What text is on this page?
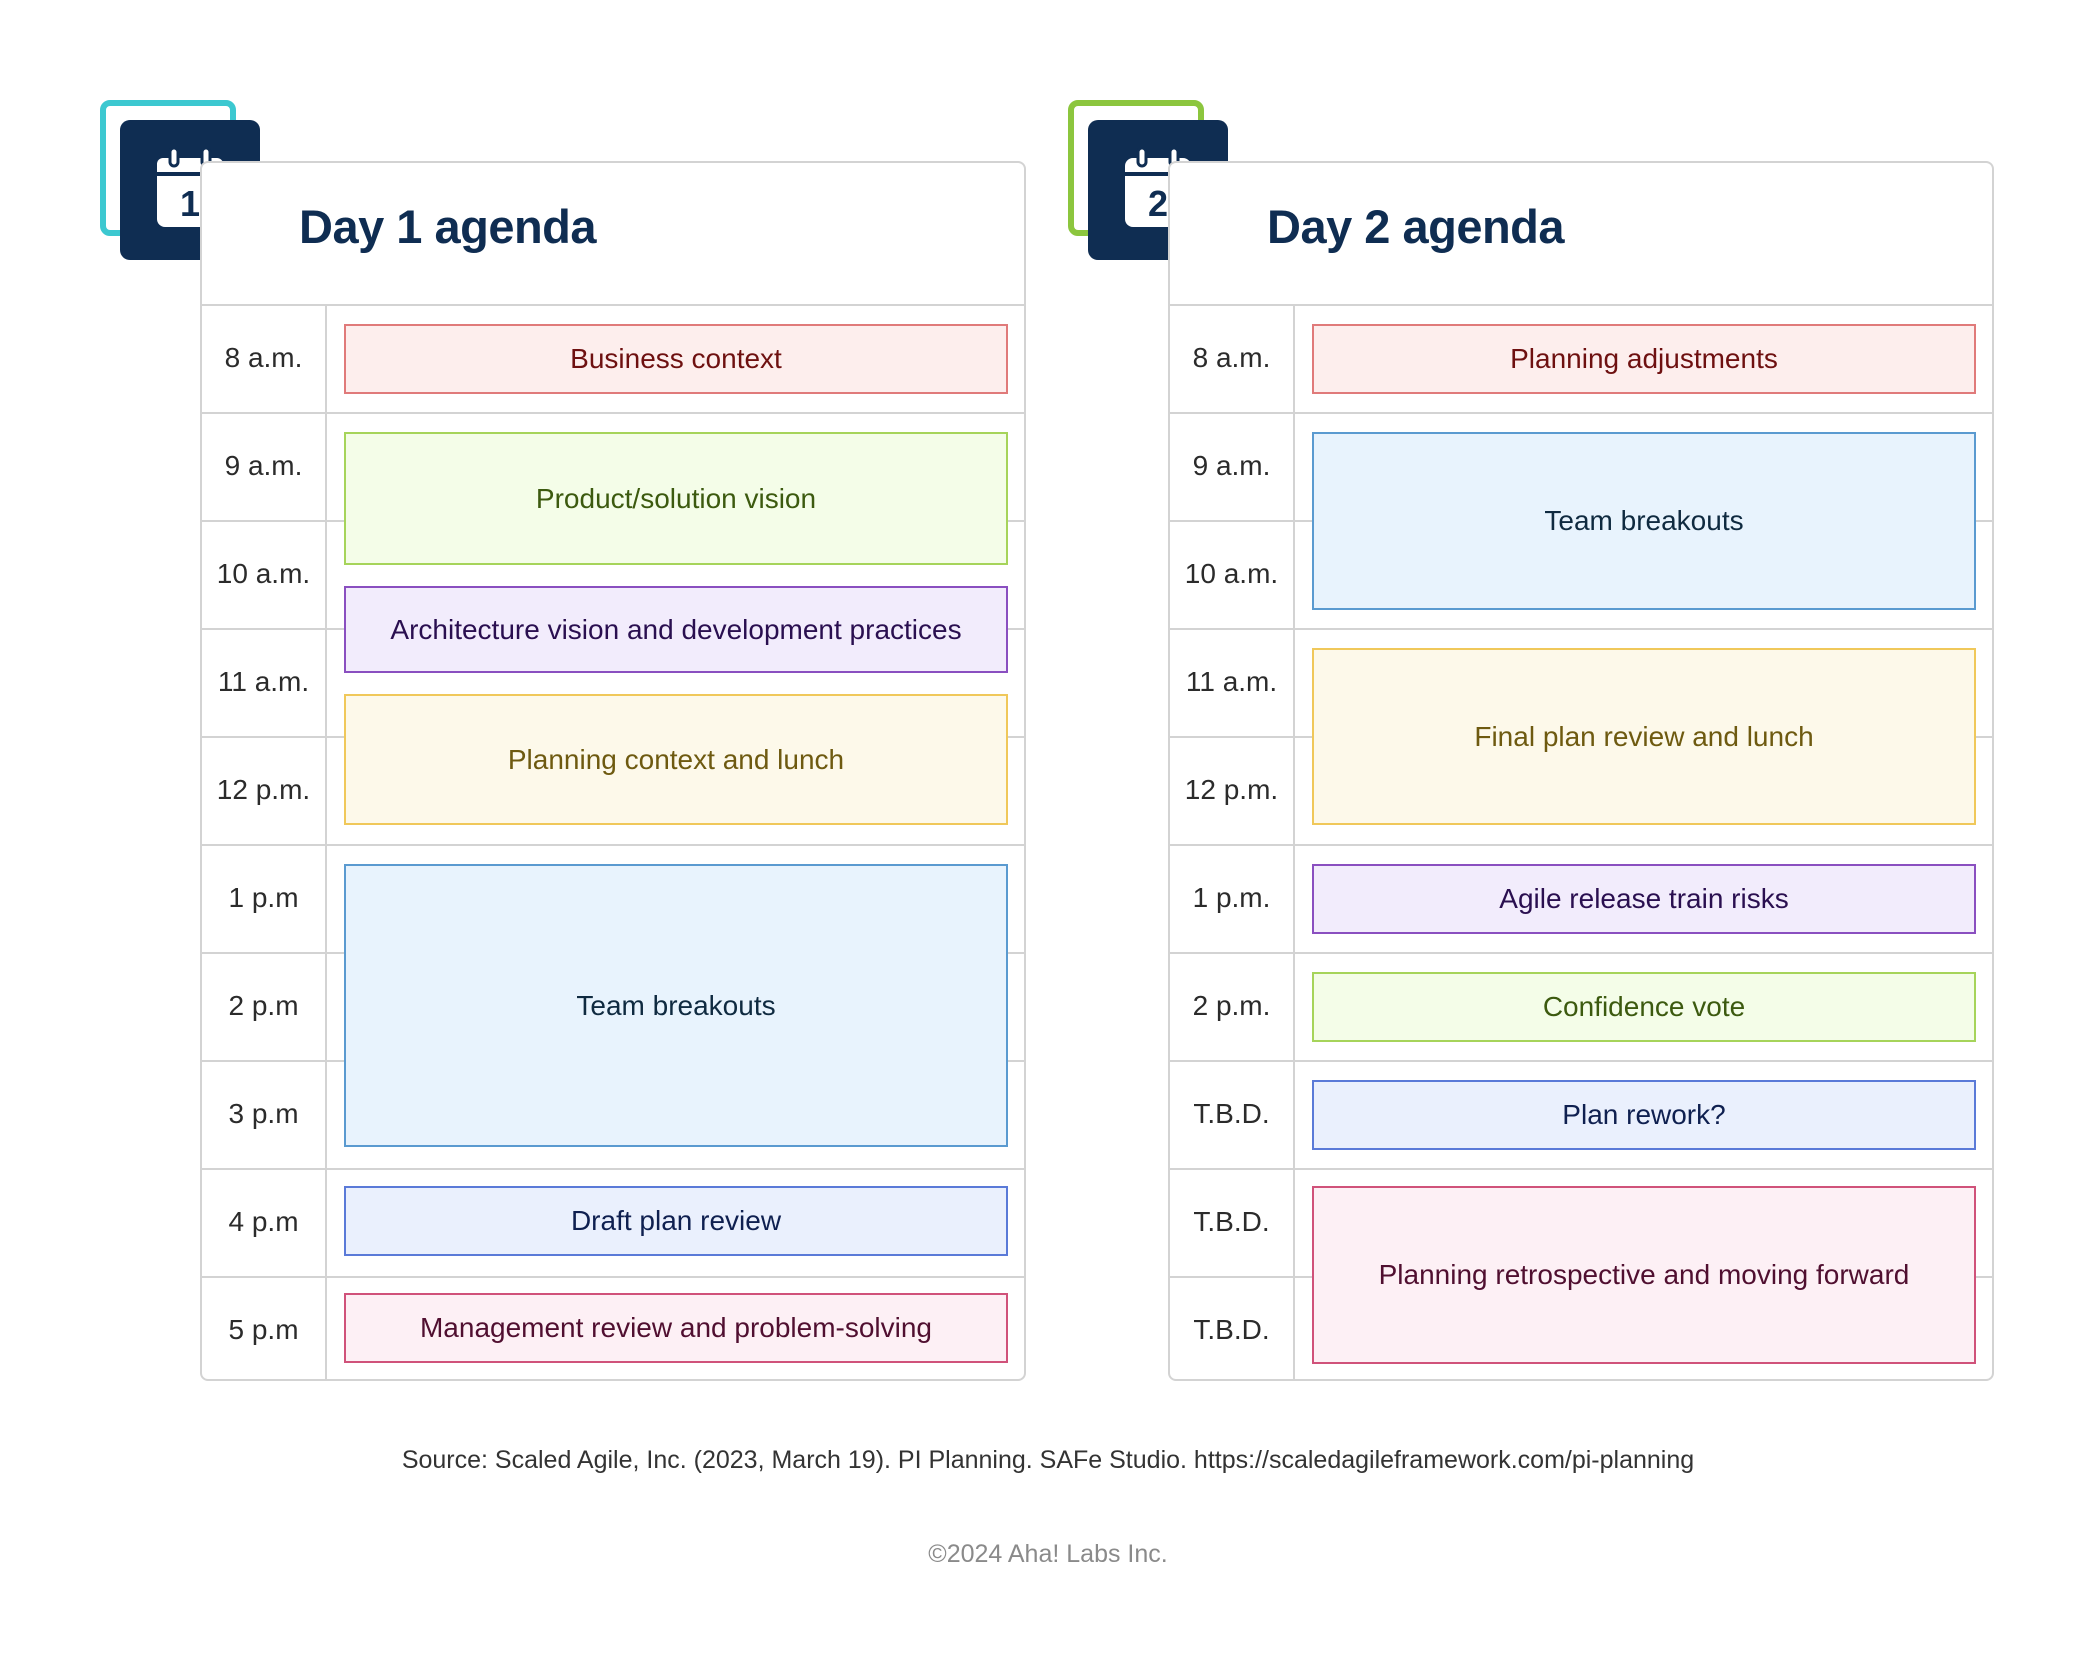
1	Day 1 agenda
8 a.m.
9 a.m.
10 a.m.
11 a.m.
12 p.m.
1 p.m
2 p.m
3 p.m
4 p.m
5 p.m
Business context
Product/solution vision
Architecture vision and development practices
Planning context and lunch
Team breakouts
Draft plan review
Management review and problem-solving
2	Day 2 agenda
8 a.m.
9 a.m.
10 a.m.
11 a.m.
12 p.m.
1 p.m.
2 p.m.
T.B.D.
T.B.D.
T.B.D.
Planning adjustments
Team breakouts
Final plan review and lunch
Agile release train risks
Confidence vote
Plan rework?
Planning retrospective and moving forward
Source: Scaled Agile, Inc. (2023, March 19). PI Planning. SAFe Studio. https://scaledagileframework.com/pi-planning
©2024 Aha! Labs Inc.
